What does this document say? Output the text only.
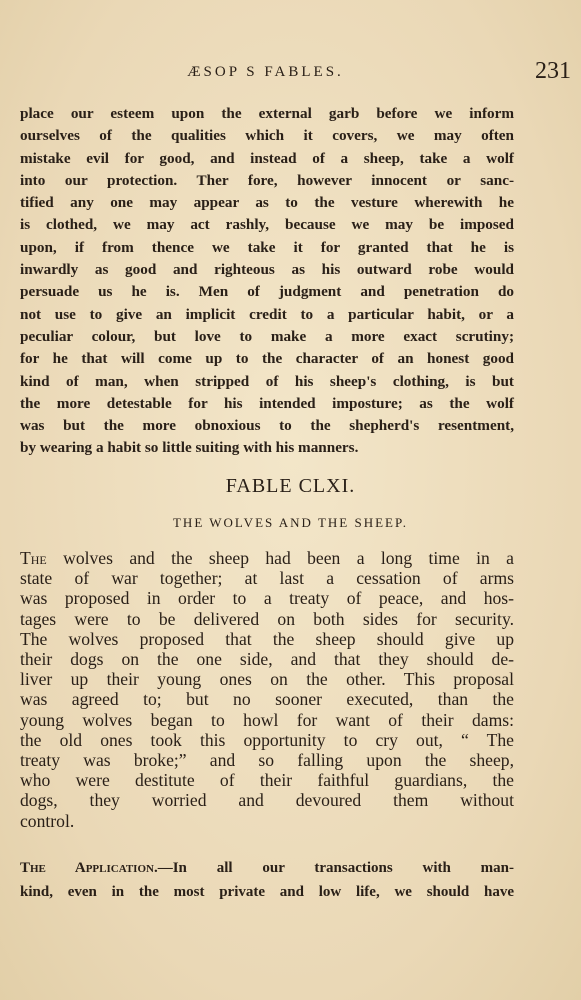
ÆSOP S FABLES.	231

place our esteem upon the external garb before we inform
ourselves of the qualities which it covers, we may often
mistake evil for good, and instead of a sheep, take a wolf
into our protection. Ther fore, however innocent or sanc-
tified any one may appear as to the vesture wherewith he
is clothed, we may act rashly, because we may be imposed
upon, if from thence we take it for granted that he is
inwardly as good and righteous as his outward robe would
persuade us he is. Men of judgment and penetration do
not use to give an implicit credit to a particular habit, or a
peculiar colour, but love to make a more exact scrutiny;
for he that will come up to the character of an honest good
kind of man, when stripped of his sheep's clothing, is but
the more detestable for his intended imposture; as the wolf
was but the more obnoxious to the shepherd's resentment,
by wearing a habit so little suiting with his manners.

FABLE CLXI.
THE WOLVES AND THE SHEEP.

The wolves and the sheep had been a long time in a
state of war together; at last a cessation of arms
was proposed in order to a treaty of peace, and hos-
tages were to be delivered on both sides for security.
The wolves proposed that the sheep should give up
their dogs on the one side, and that they should de-
liver up their young ones on the other. This proposal
was agreed to; but no sooner executed, than the
young wolves began to howl for want of their dams:
the old ones took this opportunity to cry out, “ The
treaty was broke;” and so falling upon the sheep,
who were destitute of their faithful guardians, the
dogs, they worried and devoured them without
control.

The Application.—In all our transactions with man-
kind, even in the most private and low life, we should have
